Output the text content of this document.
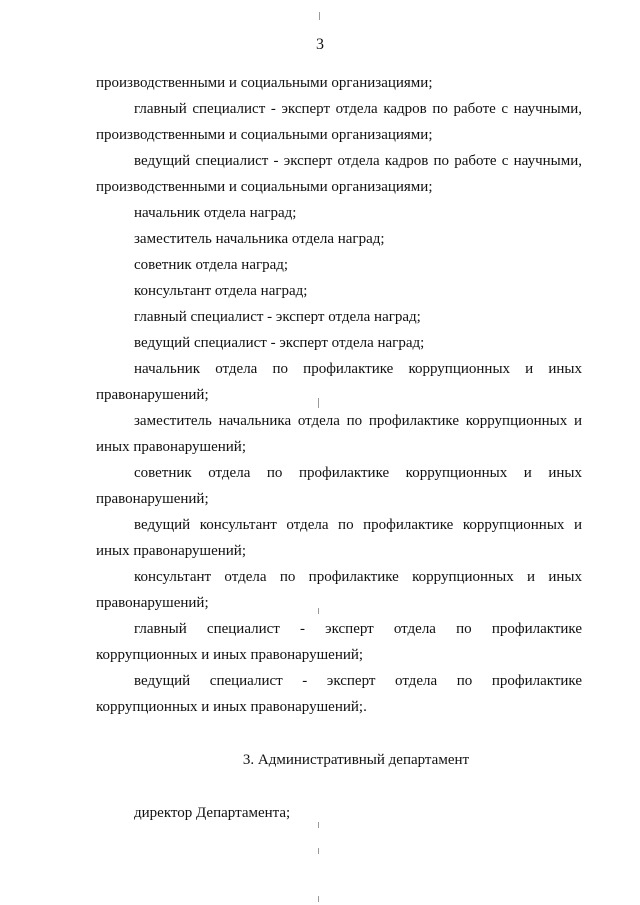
3
производственными и социальными организациями;
главный специалист - эксперт отдела кадров по работе с научными,
производственными и социальными организациями;
ведущий специалист - эксперт отдела кадров по работе с научными,
производственными и социальными организациями;
начальник отдела наград;
заместитель начальника отдела наград;
советник отдела наград;
консультант отдела наград;
главный специалист - эксперт отдела наград;
ведущий специалист - эксперт отдела наград;
начальник отдела по профилактике коррупционных и иных
правонарушений;
заместитель начальника отдела по профилактике коррупционных и
иных правонарушений;
советник отдела по профилактике коррупционных и иных
правонарушений;
ведущий консультант отдела по профилактике коррупционных и
иных правонарушений;
консультант отдела по профилактике коррупционных и иных
правонарушений;
главный специалист - эксперт отдела по профилактике
коррупционных и иных правонарушений;
ведущий специалист - эксперт отдела по профилактике
коррупционных и иных правонарушений;.
3. Административный департамент
директор Департамента;
